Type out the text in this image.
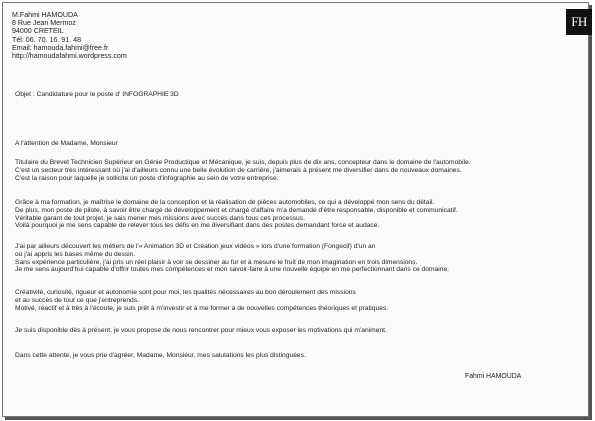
M.Fahmi HAMOUDA
8 Rue Jean Mermoz
94000 CRETEIL
Tél: 06. 70. 16. 91. 48
Email: hamouda.fahmi@free.fr
http://hamoudafahmi.wordpress.com
FH
Objet : Candidature pour le poste d' INFOGRAPHIE 3D
A l'attention de Madame, Monsieur
Titulaire du Brevet Technicien Supérieur en Génie Productique et Mécanique, je suis, depuis plus de dix ans, concepteur dans le domaine de l'automobile.
C'est un secteur très intéressant où j'ai d'ailleurs connu une belle évolution de carrière, j'aimerais à présent me diversifier dans de nouveaux domaines.
C'est la raison pour laquelle je sollicite un poste d'infographie au sein de votre entreprise.
Grâce à ma formation, je maîtrise le domaine de la conception et la réalisation de pièces automobiles, ce qui a développé mon sens du détail.
De plus, mon poste de pilote, à savoir être chargé de développement et chargé d'affaire m'a demandé d'être responsable, disponible et communicatif.
Véritable garant de tout projet, je sais mener mes missions avec succès dans tous ces processus.
Voilà pourquoi je me sens capable de relever tous les défis en me diversifiant dans des postes demandant force et audace.
J'ai par ailleurs découvert les métiers de l'« Animation 3D et Création jeux vidéos » lors d'une formation (Fongecif) d'un an
où j'ai appris les bases même du dessin.
Sans expérience particulière, j'ai pris un réel plaisir à voir se dessiner au fur et à mesure le fruit de mon imagination en trois dimensions.
Je me sens aujourd'hui capable d'offrir toutes mes compétences et mon savoir-faire à une nouvelle équipe en me perfectionnant dans ce domaine.
Créativité, curiosité, rigueur et autonomie sont pour moi, les qualités nécessaires au bon déroulement des missions
et au succès de tout ce que j'entreprends.
Motivé, réactif et à très à l'écoute, je suis prêt à m'investir et à me former à de nouvelles compétences théoriques et pratiques.
Je suis disponible dès à présent, je vous propose de nous rencontrer pour mieux vous exposer les motivations qui m'animent.
Dans cette attente, je vous prie d'agréer, Madame, Monsieur, mes salutations les plus distinguées.
Fahmi HAMOUDA
